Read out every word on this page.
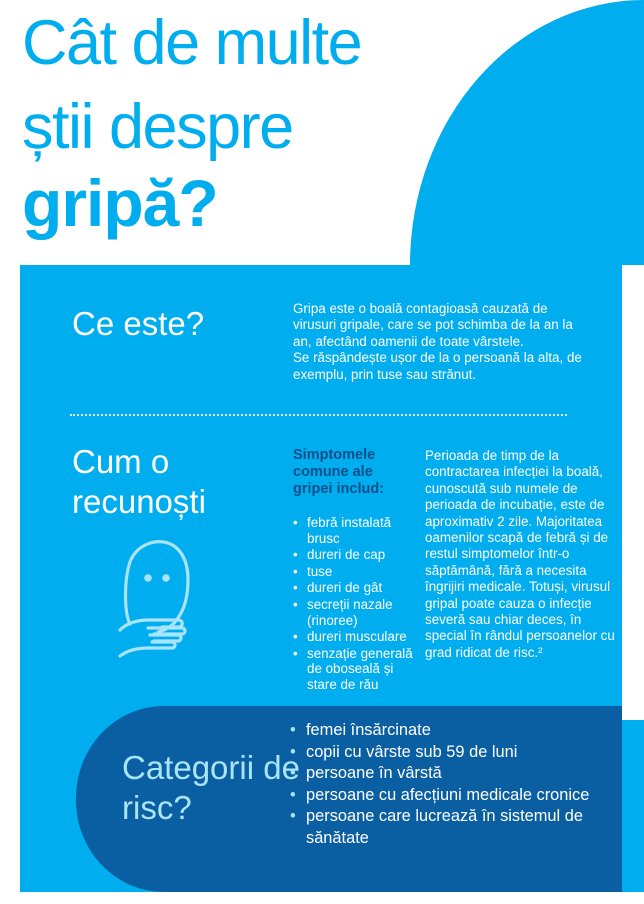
Cât de multe
știi despre
gripă?
Ce este?	Gripa este o boală contagioasă cauzată de virusuri gripale, care se pot schimba de la an la an, afectând oamenii de toate vârstele.
Se răspândește ușor de la o persoană la alta, de exemplu, prin tuse sau strănut.
Cum o recunoști
Simptomele comune ale gripei includ:
• febră instalată brusc
• dureri de cap
• tuse
• dureri de gât
• secreții nazale (rinoree)
• dureri musculare
• senzație generală de oboseală și stare de rău
Perioada de timp de la contractarea infecției la boală, cunoscută sub numele de perioada de incubație, este de aproximativ 2 zile. Majoritatea oamenilor scapă de febră și de restul simptomelor într-o săptămână, fără a necesita îngrijiri medicale. Totuși, virusul gripal poate cauza o infecție severă sau chiar deces, în special în rândul persoanelor cu grad ridicat de risc.²
Categorii de risc?
• femei însărcinate
• copii cu vârste sub 59 de luni
• persoane în vârstă
• persoane cu afecțiuni medicale cronice
• persoane care lucrează în sistemul de sănătate
